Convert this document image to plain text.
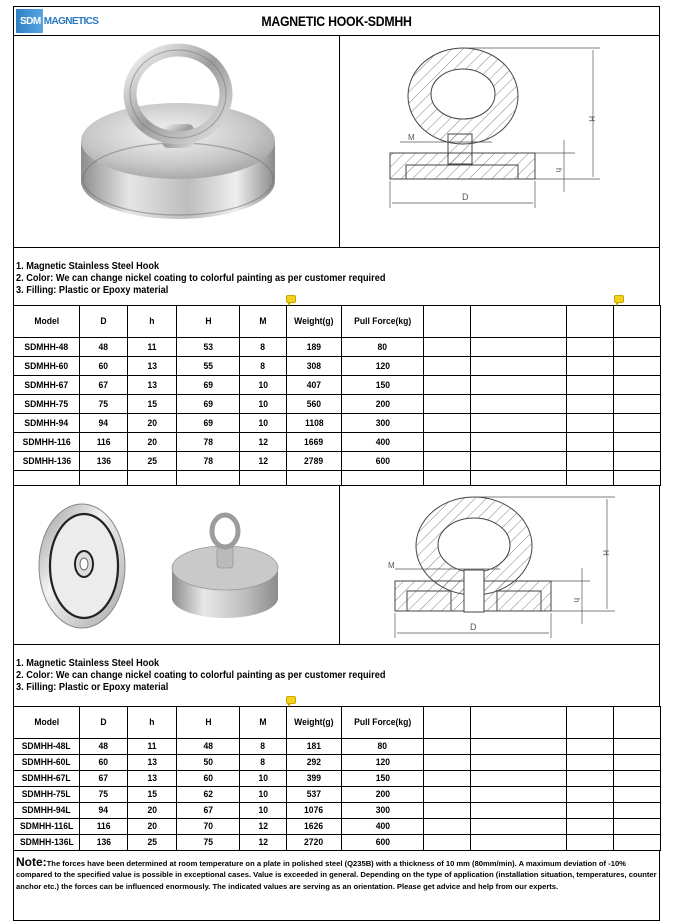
SDM MAGNETICS	MAGNETIC HOOK-SDMHH
D
M
H
h
1. Magnetic Stainless Steel Hook
2. Color: We can change nickel coating to colorful painting as per customer required
3. Filling: Plastic or Epoxy material
Model	D	h	H	M	Weight(g)	Pull Force(kg)				
SDMHH-48	48	11	53	8	189	80				
SDMHH-60	60	13	55	8	308	120				
SDMHH-67	67	13	69	10	407	150				
SDMHH-75	75	15	69	10	560	200				
SDMHH-94	94	20	69	10	1108	300				
SDMHH-116	116	20	78	12	1669	400				
SDMHH-136	136	25	78	12	2789	600				

D
M
H
h
1. Magnetic Stainless Steel Hook
2. Color: We can change nickel coating to colorful painting as per customer required
3. Filling: Plastic or Epoxy material
Model	D	h	H	M	Weight(g)	Pull Force(kg)				
SDMHH-48L	48	11	48	8	181	80				
SDMHH-60L	60	13	50	8	292	120				
SDMHH-67L	67	13	60	10	399	150				
SDMHH-75L	75	15	62	10	537	200				
SDMHH-94L	94	20	67	10	1076	300				
SDMHH-116L	116	20	70	12	1626	400				
SDMHH-136L	136	25	75	12	2720	600				
Note:The forces have been determined at room temperature on a plate in polished steel (Q235B) with a thickness of 10 mm (80mm/min). A maximum deviation of -10% compared to the specified value is possible in exceptional cases. Value is exceeded in general. Depending on the type of application (installation situation, temperatures, counter anchor etc.) the forces can be influenced enormously. The indicated values are serving as an orientation. Please get advice and help from our experts.
